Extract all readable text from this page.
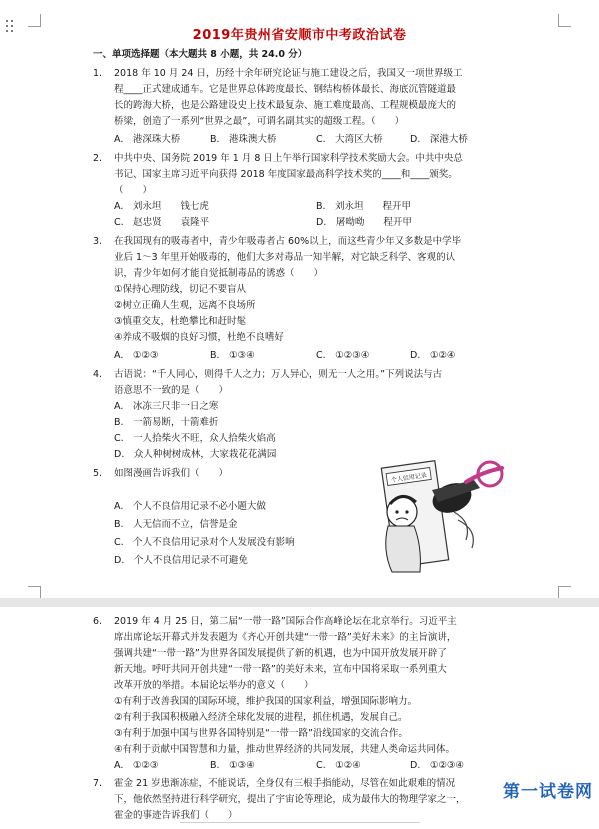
2019年贵州省安顺市中考政治试卷
一、单项选择题（本大题共 8 小题，共 24.0 分）
1. 2018 年 10 月 24 日，历经十余年研究论证与施工建设之后，我国又一项世界级工
程____正式建成通车。它是世界总体跨度最长、钢结构桥体最长、海底沉管隧道最
长的跨海大桥，也是公路建设史上技术最复杂、施工难度最高、工程规模最庞大的
桥梁，创造了一系列“世界之最”，可谓名副其实的超级工程。（　　）
A.　港深珠大桥	B.　港珠澳大桥	C.　大湾区大桥	D.　深港大桥
2. 中共中央、国务院 2019 年 1 月 8 日上午举行国家科学技术奖励大会。中共中央总
书记、国家主席习近平向获得 2018 年度国家最高科学技术奖的____和____颁奖。
（　　）
A.　刘永坦　　钱七虎	B.　刘永坦　　程开甲
C.　赵忠贤　　袁隆平	D.　屠呦呦　　程开甲
3. 在我国现有的吸毒者中，青少年吸毒者占 60%以上，而这些青少年又多数是中学毕
业后 1～3 年里开始吸毒的，他们大多对毒品一知半解，对它缺乏科学、客观的认
识，青少年如何才能自觉抵制毒品的诱惑（　　）
①保持心理防线，切记不要盲从
②树立正确人生观，远离不良场所
③慎重交友，杜绝攀比和赶时髦
④养成不吸烟的良好习惯，杜绝不良嗜好
A.　①②③	B.　①③④	C.　①②③④	D.　①②④
4. 古语说：“千人同心，则得千人之力；万人异心，则无一人之用。”下列说法与古
语意思不一致的是（　　）
A.　冰冻三尺非一日之寒
B.　一箭易断，十箭难折
C.　一人拾柴火不旺，众人拾柴火焰高
D.　众人种树树成林，大家栽花花满园
5. 如图漫画告诉我们（　　）
A.　个人不良信用记录不必小题大做
B.　人无信而不立，信誉是金
C.　个人不良信用记录对个人发展没有影响
D.　个人不良信用记录不可避免
个人信用记录
6. 2019 年 4 月 25 日，第二届“一带一路”国际合作高峰论坛在北京举行。习近平主
席出席论坛开幕式并发表题为《齐心开创共建“一带一路”美好未来》的主旨演讲，
强调共建“一带一路”为世界各国发展提供了新的机遇，也为中国开放发展开辟了
新天地。呼吁共同开创共建“一带一路”的美好未来，宣布中国将采取一系列重大
改革开放的举措。本届论坛举办的意义（　　）
①有利于改善我国的国际环境，维护我国的国家利益，增强国际影响力。
②有利于我国积极融入经济全球化发展的进程，抓住机遇，发展自己。
③有利于加强中国与世界各国特别是“一带一路”沿线国家的交流合作。
④有利于贡献中国智慧和力量，推动世界经济的共同发展，共建人类命运共同体。
A.　①②③	B.　①③④	C.　①②④	D.　①②③④
7. 霍金 21 岁患渐冻症，不能说话，全身仅有三根手指能动，尽管在如此艰难的情况
下，他依然坚持进行科学研究，提出了宇宙论等理论，成为最伟大的物理学家之一，
霍金的事迹告诉我们（　　）
第一试卷网
